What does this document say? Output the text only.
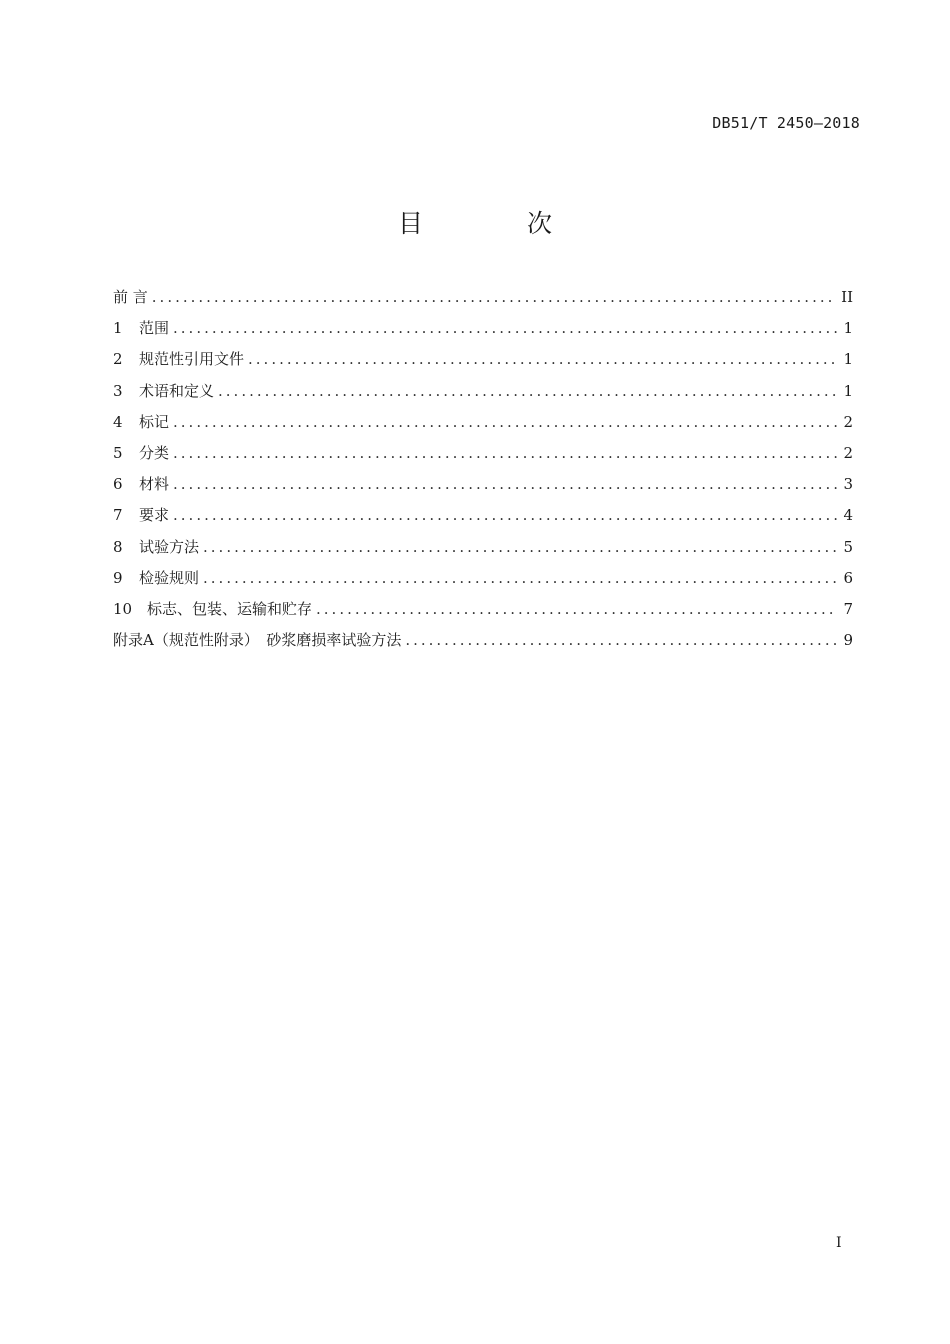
DB51/T 2450—2018
目 次
前 言 .....	II
1	范围 .....	1
2	规范性引用文件 .....	1
3	术语和定义 .....	1
4	标记 .....	2
5	分类 .....	2
6	材料 .....	3
7	要求 .....	4
8	试验方法 .....	5
9	检验规则 .....	6
10 标志、包装、运输和贮存 .....	7
附录A（规范性附录）　砂浆磨损率试验方法 .....	9
I
